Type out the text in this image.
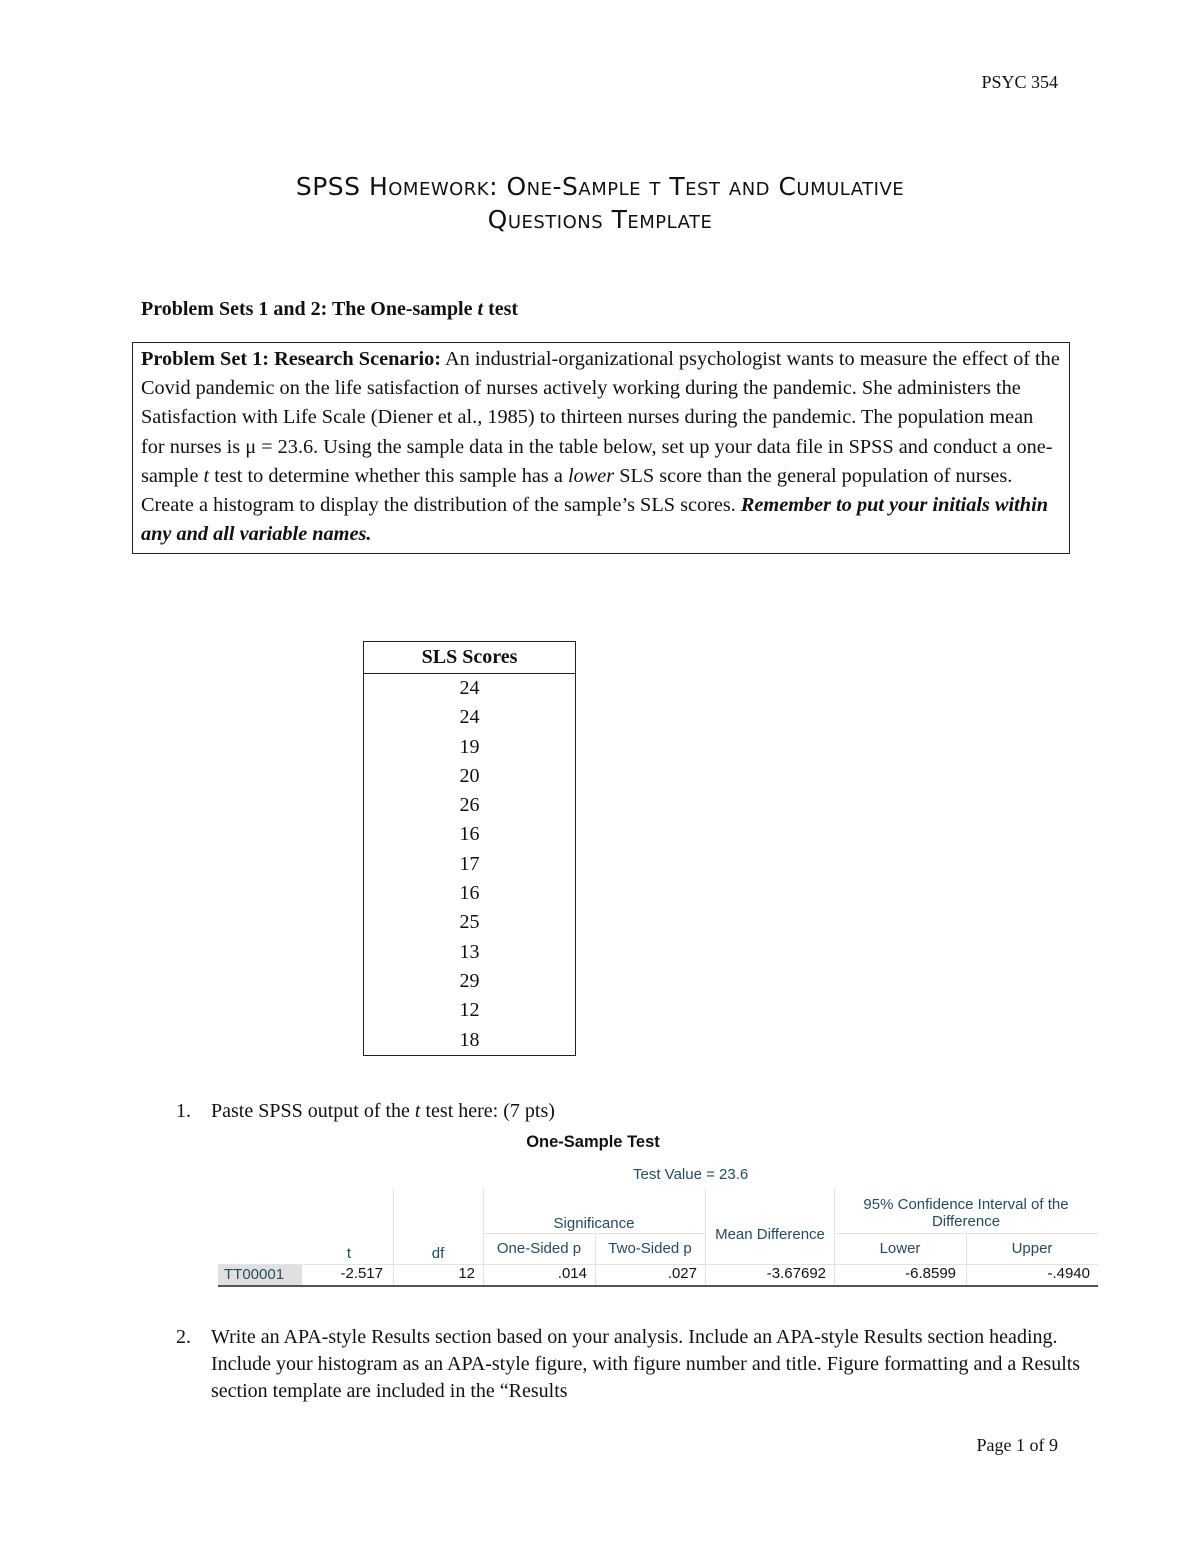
PSYC 354
SPSS Homework: One-Sample t Test and Cumulative
Questions Template
Problem Sets 1 and 2: The One-sample t test
Problem Set 1: Research Scenario: An industrial-organizational psychologist wants to measure the effect of the Covid pandemic on the life satisfaction of nurses actively working during the pandemic. She administers the Satisfaction with Life Scale (Diener et al., 1985) to thirteen nurses during the pandemic. The population mean for nurses is μ = 23.6. Using the sample data in the table below, set up your data file in SPSS and conduct a one-sample t test to determine whether this sample has a lower SLS score than the general population of nurses. Create a histogram to display the distribution of the sample’s SLS scores. Remember to put your initials within any and all variable names.
SLS Scores
24
24
19
20
26
16
17
16
25
13
29
12
18
1. Paste SPSS output of the t test here: (7 pts)
One-Sample Test
Test Value = 23.6
Significance
95% Confidence Interval of the Difference
t	df	One-Sided p	Two-Sided p
Mean Difference
Lower	Upper
TT00001	-2.517	12	.014	.027	-3.67692	-6.8599	-.4940
2. Write an APA-style Results section based on your analysis. Include an APA-style Results section heading. Include your histogram as an APA-style figure, with figure number and title. Figure formatting and a Results section template are included in the “Results
Page 1 of 9
